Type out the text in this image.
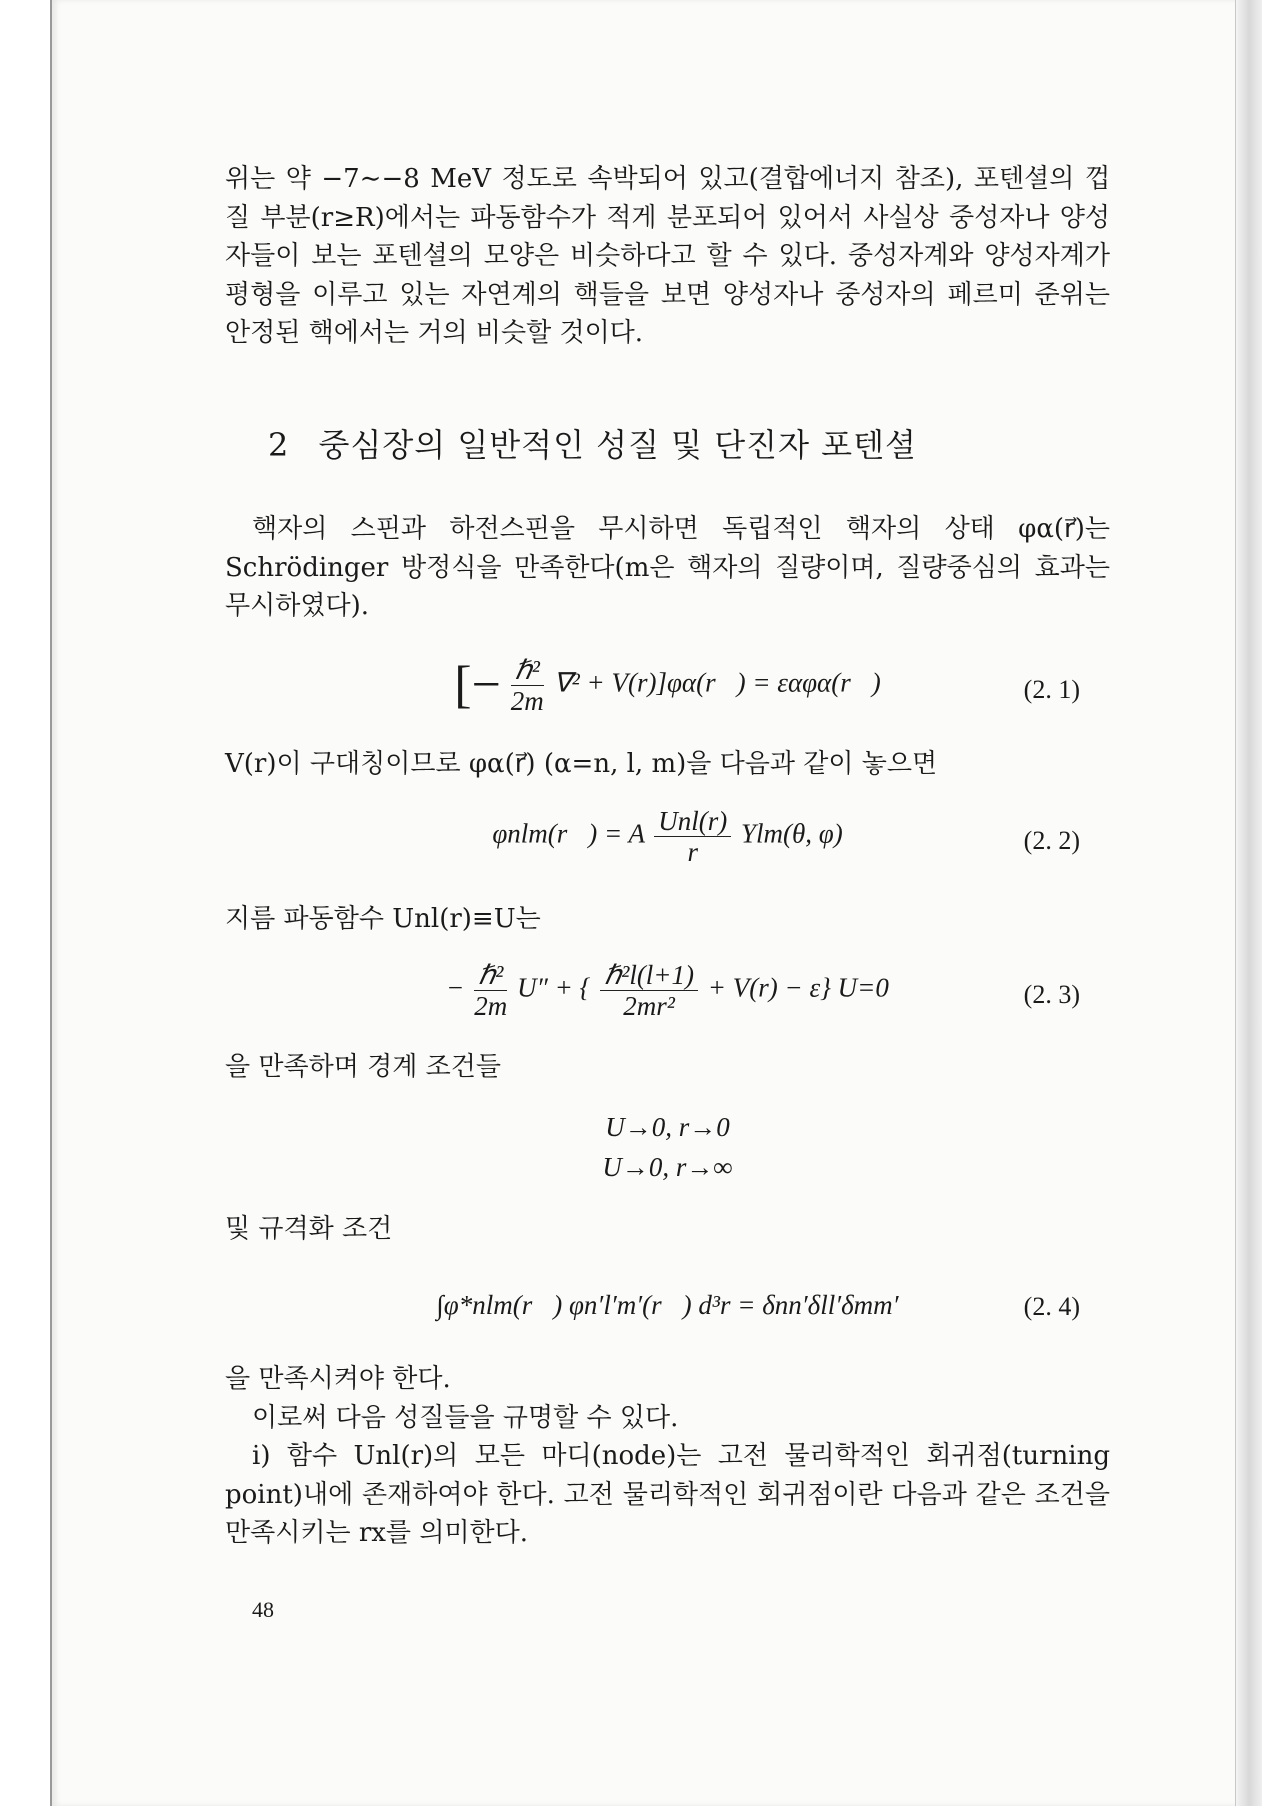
위는 약 −7∼−8 MeV 정도로 속박되어 있고(결합에너지 참조), 포텐셜의 껍질 부분(r≥R)에서는 파동함수가 적게 분포되어 있어서 사실상 중성자나 양성자들이 보는 포텐셜의 모양은 비슷하다고 할 수 있다. 중성자계와 양성자계가 평형을 이루고 있는 자연계의 핵들을 보면 양성자나 중성자의 페르미 준위는 안정된 핵에서는 거의 비슷할 것이다.

2 중심장의 일반적인 성질 및 단진자 포텐셜

핵자의 스핀과 하전스핀을 무시하면 독립적인 핵자의 상태 φα(r⃗)는 Schrödinger 방정식을 만족한다(m은 핵자의 질량이며, 질량중심의 효과는 무시하였다).

[− $\frac{\text{ℏ²}}{2m} \nabla^2$ + V(r)]φα(r⃗) = εαφα(r⃗)	(2. 1)

V(r)이 구대칭이므로 φα(r⃗) (α=n, l, m)을 다음과 같이 놓으면

φnlm(r⃗) = A $\frac{\text{Unl(r)}}{r} Ylm(\theta$, φ)	(2. 2)

지름 파동함수 Unl(r)≡U는

− $\frac{\text{ℏ²}}{2m} U''$ + { $\frac{\text{ℏ²l(l+1)}}{\text{2mr²}} + V(r) - \varepsilon$} U=0	(2. 3)

을 만족하며 경계 조건들

U→0, r→0
U→0, r→∞

및 규격화 조건

∫φ*nlm(r⃗) φn′l′m′(r⃗) d³r = δnn′δll′δmm′	(2. 4)

을 만족시켜야 한다.

이로써 다음 성질들을 규명할 수 있다.

i) 함수 Unl(r)의 모든 마디(node)는 고전 물리학적인 회귀점(turning point)내에 존재하여야 한다. 고전 물리학적인 회귀점이란 다음과 같은 조건을 만족시키는 rx를 의미한다.

48
